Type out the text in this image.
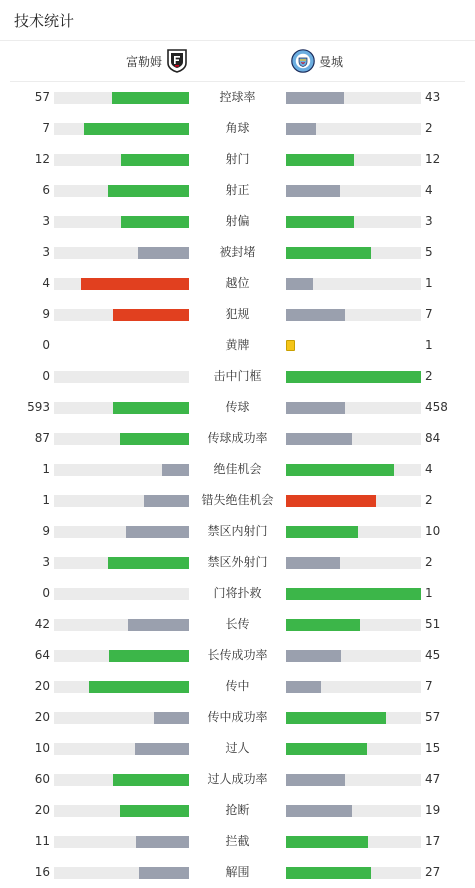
技术统计
富勒姆	曼城
57	控球率	43
7	角球	2
12	射门	12
6	射正	4
3	射偏	3
3	被封堵	5
4	越位	1
9	犯规	7
0	黄牌	1
0	击中门框	2
593	传球	458
87	传球成功率	84
1	绝佳机会	4
1	错失绝佳机会	2
9	禁区内射门	10
3	禁区外射门	2
0	门将扑救	1
42	长传	51
64	长传成功率	45
20	传中	7
20	传中成功率	57
10	过人	15
60	过人成功率	47
20	抢断	19
11	拦截	17
16	解围	27
